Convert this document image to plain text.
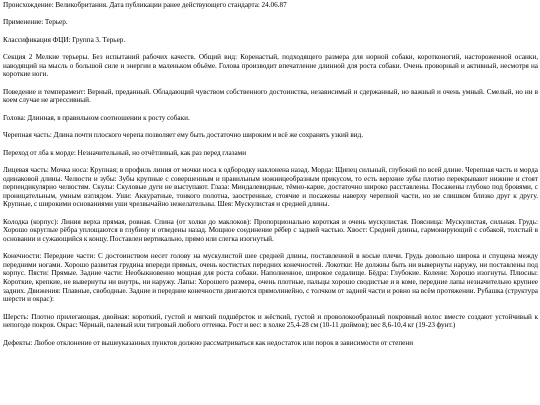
Происхождение: Великобритания. Дата публикации ранее действующего стандарта: 24.06.87

Применение: Терьер.

Классификация ФЦИ: Группа 3. Терьер.

Секция 2 Мелкие терьеры. Без испытаний рабочих качеств. Общий вид: Коренастый, подходящего размера для норной собаки, коротконогий, настороженной осанки, наводящий на мысль о большой силе и энергии в маленьком объёме. Голова производит впечатление длинной для роста собаки. Очень проворный и активный, несмотря на короткие ноги.

Поведение и темперамент: Верный, преданный. Обладающий чувством собственного достоинства, независимый и сдержанный, но важный и очень умный. Смелый, но ни в коем случае не агрессивный.

Голова: Длинная, в правильном соотношении к росту собаки.

Черепная часть: Длина почти плоского черепа позволяет ему быть достаточно широким и всё же сохранять узкий вид.

Переход от лба к морде: Незначительный, но отчётливый, как раз перед глазами

Лицевая часть: Мочка носа: Крупная; в профиль линия от мочки носа к одбородку наклонена назад. Морда: Щипец сильный, глубокий по всей длине. Черепная часть и морда одинаковой длины. Челюсти и зубы: Зубы крупные с совершенным и правильным ножницеобразным прикусом, то есть верхние зубы плотно перекрывают нижние и стоят перпендикулярно челюстям. Скулы: Скуловые дуги не выступают. Глаза: Миндалевидные, тёмно-карие, достаточно широко расставлены. Посажены глубоко под бровями, с проницательным, умным взглядом. Уши: Аккуратные, тонкого полотна, заостренные, стоячие и посажены наверху черепной части, но не слишком близко друг к другу. Крупные, с широкими основаниями уши чрезвычайно нежелательны. Шея: Мускулистая и средней длины.

Колодка (корпус): Линия верха прямая, ровная. Спина (от холки до маклоков): Пропорционально короткая и очень мускулистая. Поясница: Мускулистая, сильная. Грудь: Хорошо округлые рёбра уплощаются в глубину и отведены назад. Мощное соединение рёбер с задней частью. Хвост: Средней длины, гармонирующий с собакой, толстый в основании и сужающийся к концу. Поставлен вертикально, прямо или слегка изогнутый.

Конечности: Передние части: С достоинством несет голову на мускулистой шее средней длины, поставленной в косые плечи. Грудь довольно широка и спущена между передними ногами. Хорошо развитая грудина впереди прямых, очень костистых передних конечностей. Локотки: Не должны быть ни вывернуты наружу, ни поставлены под корпус. Пясти: Прямые. Задние части: Необыкновенно мощная для роста собаки. Наполненное, широкое седалище. Бёдра: Глубокие. Колени: Хорошо изогнуты. Плюсны: Короткие, крепкие, не вывернуты ни внутрь, ни наружу. Лапы: Хорошего размера, очень плотные, пальцы хорошо сводистые и в коме, передние лапы незначительно крупнее задних. Движения: Плавные, свободные. Задние и передние конечности двигаются прямолинейно, с толчком от задней части и ровно на всём протяжении. Рубашка (структура шерсти и окрас):

Шерсть: Плотно прилегающая, двойная: короткий, густой и мягкий подшёрсток и жёсткий, густой и проволокообразный покровный волос вместе создают устойчивый к непогоде покров. Окрас: Чёрный, палевый или тигровый любого оттенка. Рост и вес: в холке 25,4-28 см (10-11 дюймов); вес 8,6-10,4 кг (19-23 фунт.)

Дефекты: Любое отклонение от вышеуказанных пунктов должно рассматриваться как недостаток или порок в зависимости от степени
